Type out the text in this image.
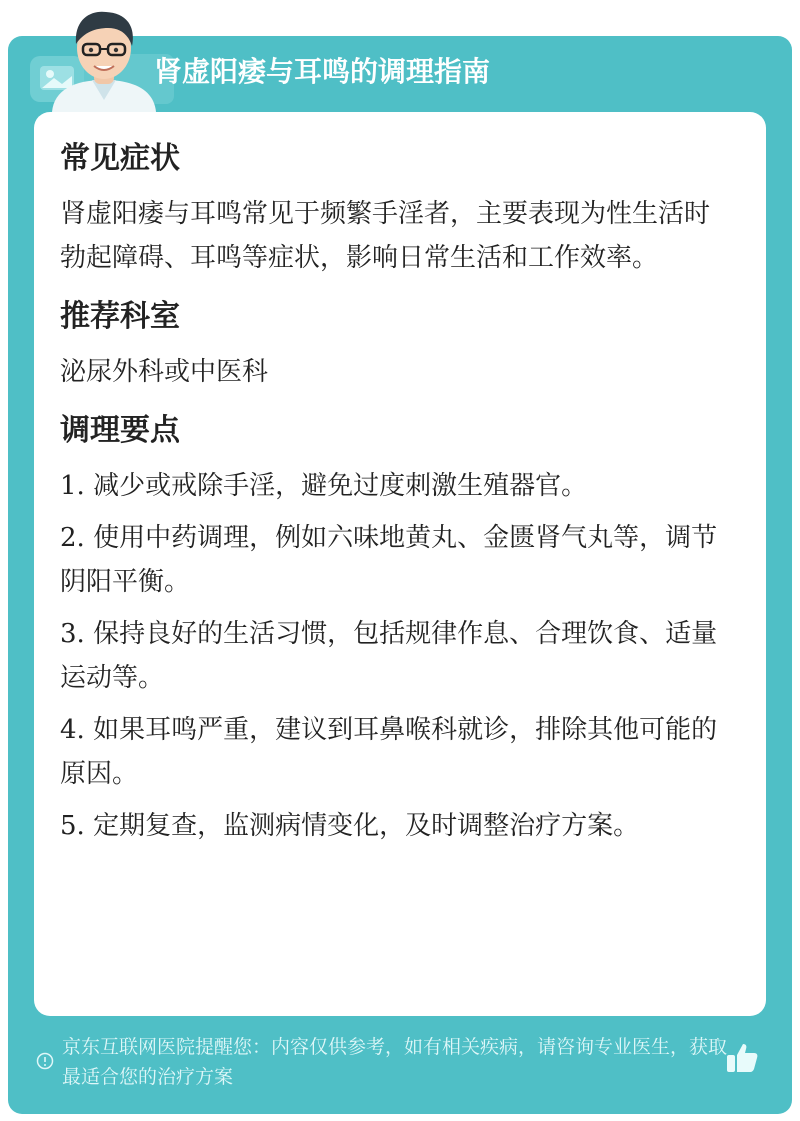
肾虚阳痿与耳鸣的调理指南
常见症状

肾虚阳痿与耳鸣常见于频繁手淫者，主要表现为性生活时勃起障碍、耳鸣等症状，影响日常生活和工作效率。

推荐科室

泌尿外科或中医科

调理要点

1. 减少或戒除手淫，避免过度刺激生殖器官。

2. 使用中药调理，例如六味地黄丸、金匮肾气丸等，调节阴阳平衡。

3. 保持良好的生活习惯，包括规律作息、合理饮食、适量运动等。

4. 如果耳鸣严重，建议到耳鼻喉科就诊，排除其他可能的原因。

5. 定期复查，监测病情变化，及时调整治疗方案。

京东互联网医院提醒您：内容仅供参考，如有相关疾病，请咨询专业医生，获取最适合您的治疗方案
